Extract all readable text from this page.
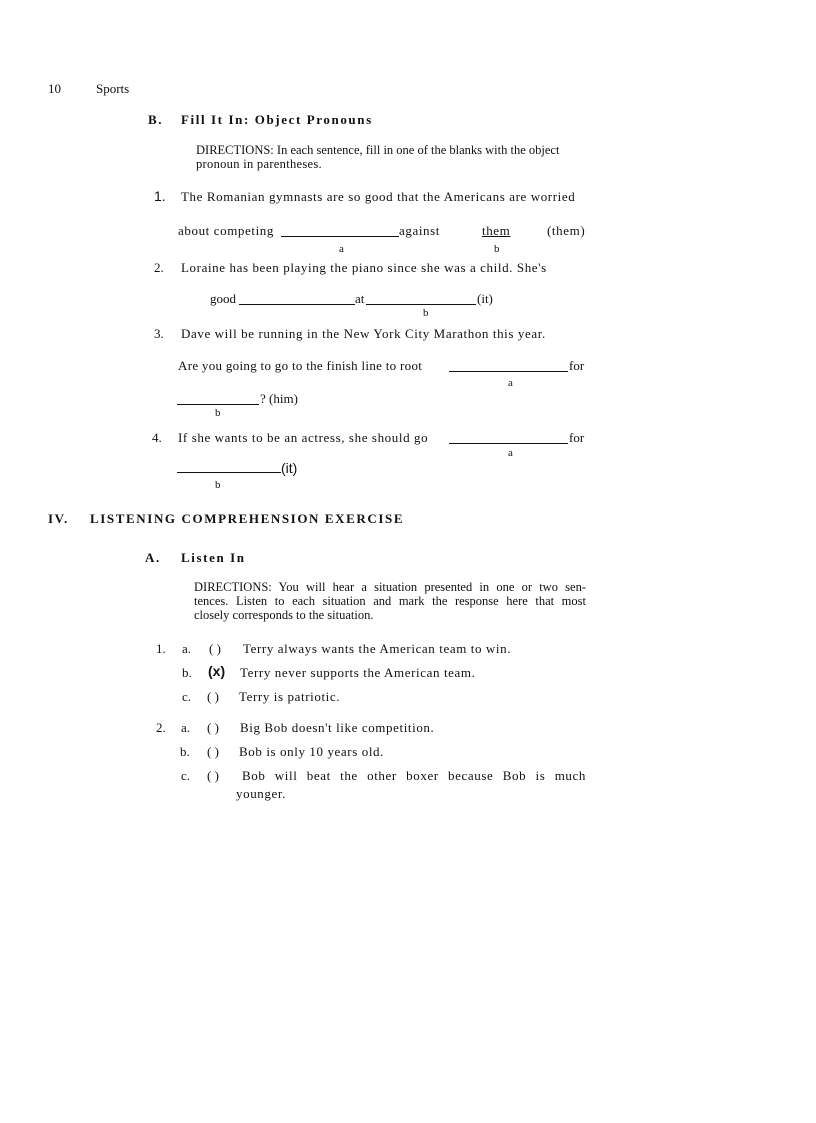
10	Sports
B. Fill It In: Object Pronouns
DIRECTIONS: In each sentence, fill in one of the blanks with the object
pronoun in parentheses.
1. The Romanian gymnasts are so good that the Americans are worried
about competing	against	them	(them)
a	b
2. Loraine has been playing the piano since she was a child. She's
good	at	(it)
b
3. Dave will be running in the New York City Marathon this year.
Are you going to go to the finish line to root	for
a
? (him)
b
4. If she wants to be an actress, she should go	for
a
(it)
b
IV. LISTENING COMPREHENSION EXERCISE
A. Listen In
DIRECTIONS: You will hear a situation presented in one or two sen-
tences. Listen to each situation and mark the response here that most
closely corresponds to the situation.
1. a. ( ) Terry always wants the American team to win.
b. (x) Terry never supports the American team.
c. ( ) Terry is patriotic.
2. a. ( ) Big Bob doesn't like competition.
b. ( ) Bob is only 10 years old.
c. ( ) Bob will beat the other boxer because Bob is much
younger.
